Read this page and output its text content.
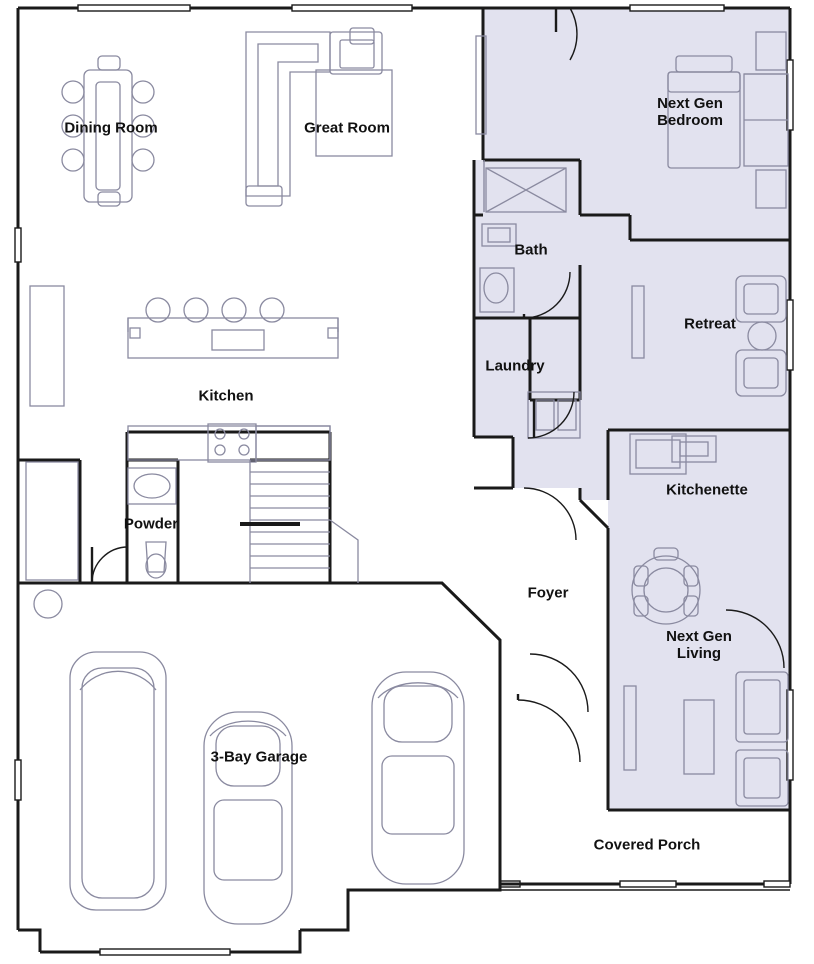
Dining Room	Great Room
Next Gen
Bedroom
Bath
Retreat
Laundry
Kitchen
Kitchenette
Powder
Foyer
Next Gen
Living
3-Bay Garage
Covered Porch
